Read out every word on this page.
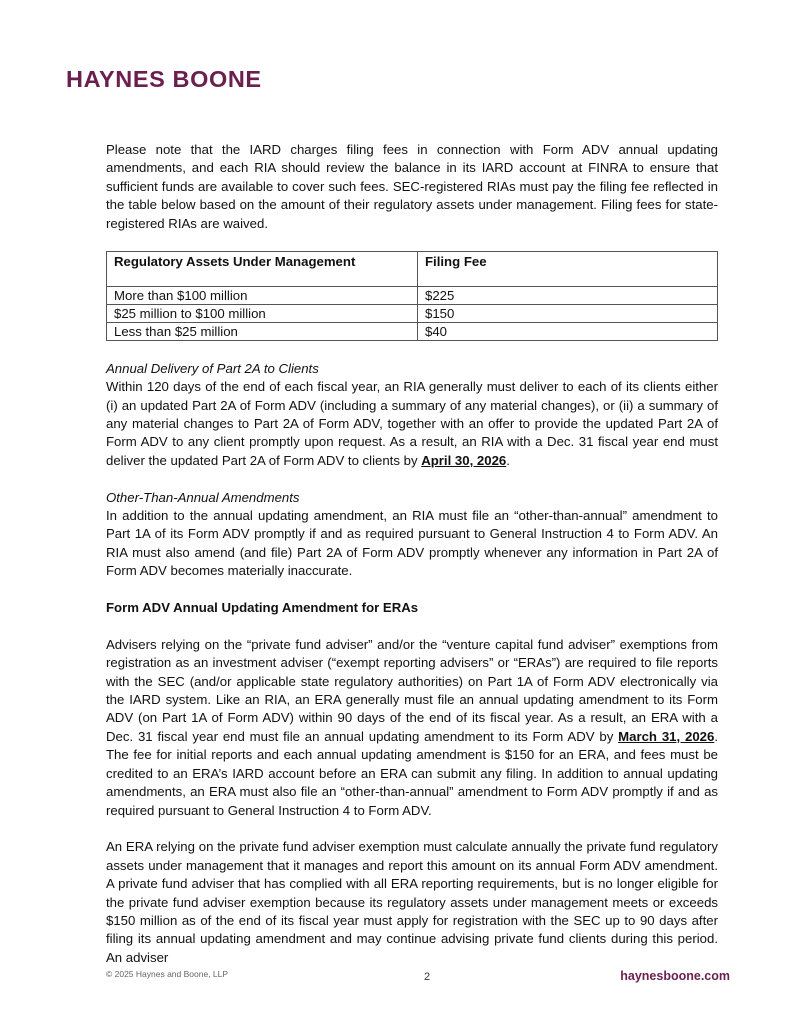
HAYNES BOONE

Please note that the IARD charges filing fees in connection with Form ADV annual updating amendments, and each RIA should review the balance in its IARD account at FINRA to ensure that sufficient funds are available to cover such fees. SEC-registered RIAs must pay the filing fee reflected in the table below based on the amount of their regulatory assets under management. Filing fees for state-registered RIAs are waived.

Regulatory Assets Under Management	Filing Fee
More than $100 million	$225
$25 million to $100 million	$150
Less than $25 million	$40

Annual Delivery of Part 2A to Clients

Within 120 days of the end of each fiscal year, an RIA generally must deliver to each of its clients either (i) an updated Part 2A of Form ADV (including a summary of any material changes), or (ii) a summary of any material changes to Part 2A of Form ADV, together with an offer to provide the updated Part 2A of Form ADV to any client promptly upon request. As a result, an RIA with a Dec. 31 fiscal year end must deliver the updated Part 2A of Form ADV to clients by April 30, 2026.

Other-Than-Annual Amendments

In addition to the annual updating amendment, an RIA must file an “other-than-annual” amendment to Part 1A of its Form ADV promptly if and as required pursuant to General Instruction 4 to Form ADV. An RIA must also amend (and file) Part 2A of Form ADV promptly whenever any information in Part 2A of Form ADV becomes materially inaccurate.

Form ADV Annual Updating Amendment for ERAs

Advisers relying on the “private fund adviser” and/or the “venture capital fund adviser” exemptions from registration as an investment adviser (“exempt reporting advisers” or “ERAs”) are required to file reports with the SEC (and/or applicable state regulatory authorities) on Part 1A of Form ADV electronically via the IARD system. Like an RIA, an ERA generally must file an annual updating amendment to its Form ADV (on Part 1A of Form ADV) within 90 days of the end of its fiscal year. As a result, an ERA with a Dec. 31 fiscal year end must file an annual updating amendment to its Form ADV by March 31, 2026. The fee for initial reports and each annual updating amendment is $150 for an ERA, and fees must be credited to an ERA’s IARD account before an ERA can submit any filing. In addition to annual updating amendments, an ERA must also file an “other-than-annual” amendment to Form ADV promptly if and as required pursuant to General Instruction 4 to Form ADV.

An ERA relying on the private fund adviser exemption must calculate annually the private fund regulatory assets under management that it manages and report this amount on its annual Form ADV amendment. A private fund adviser that has complied with all ERA reporting requirements, but is no longer eligible for the private fund adviser exemption because its regulatory assets under management meets or exceeds $150 million as of the end of its fiscal year must apply for registration with the SEC up to 90 days after filing its annual updating amendment and may continue advising private fund clients during this period. An adviser

© 2025 Haynes and Boone, LLP	2	haynesboone.com
